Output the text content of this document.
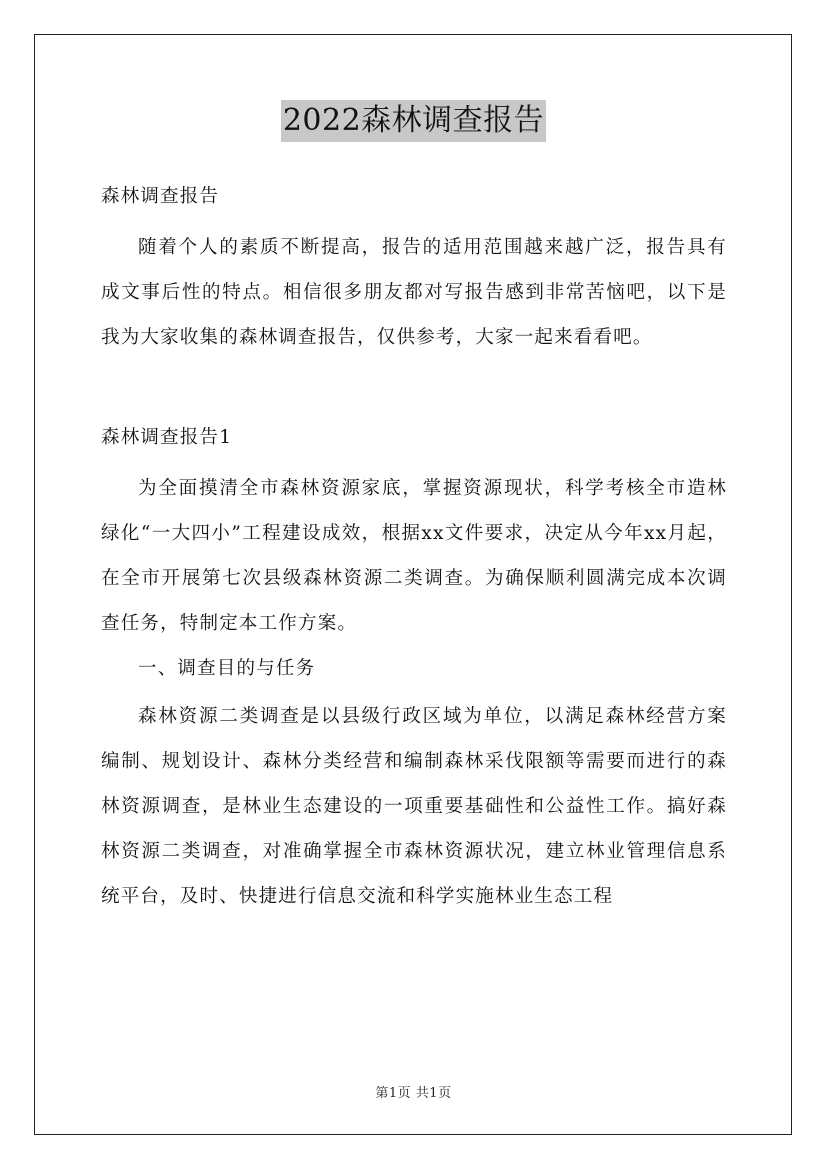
2022森林调查报告

森林调查报告

随着个人的素质不断提高，报告的适用范围越来越广泛，报告具有成文事后性的特点。相信很多朋友都对写报告感到非常苦恼吧，以下是我为大家收集的森林调查报告，仅供参考，大家一起来看看吧。

森林调查报告1

为全面摸清全市森林资源家底，掌握资源现状，科学考核全市造林绿化“一大四小”工程建设成效，根据xx文件要求，决定从今年xx月起，在全市开展第七次县级森林资源二类调查。为确保顺利圆满完成本次调查任务，特制定本工作方案。

一、调查目的与任务

森林资源二类调查是以县级行政区域为单位，以满足森林经营方案编制、规划设计、森林分类经营和编制森林采伐限额等需要而进行的森林资源调查，是林业生态建设的一项重要基础性和公益性工作。搞好森林资源二类调查，对准确掌握全市森林资源状况，建立林业管理信息系统平台，及时、快捷进行信息交流和科学实施林业生态工程

第1页 共1页
